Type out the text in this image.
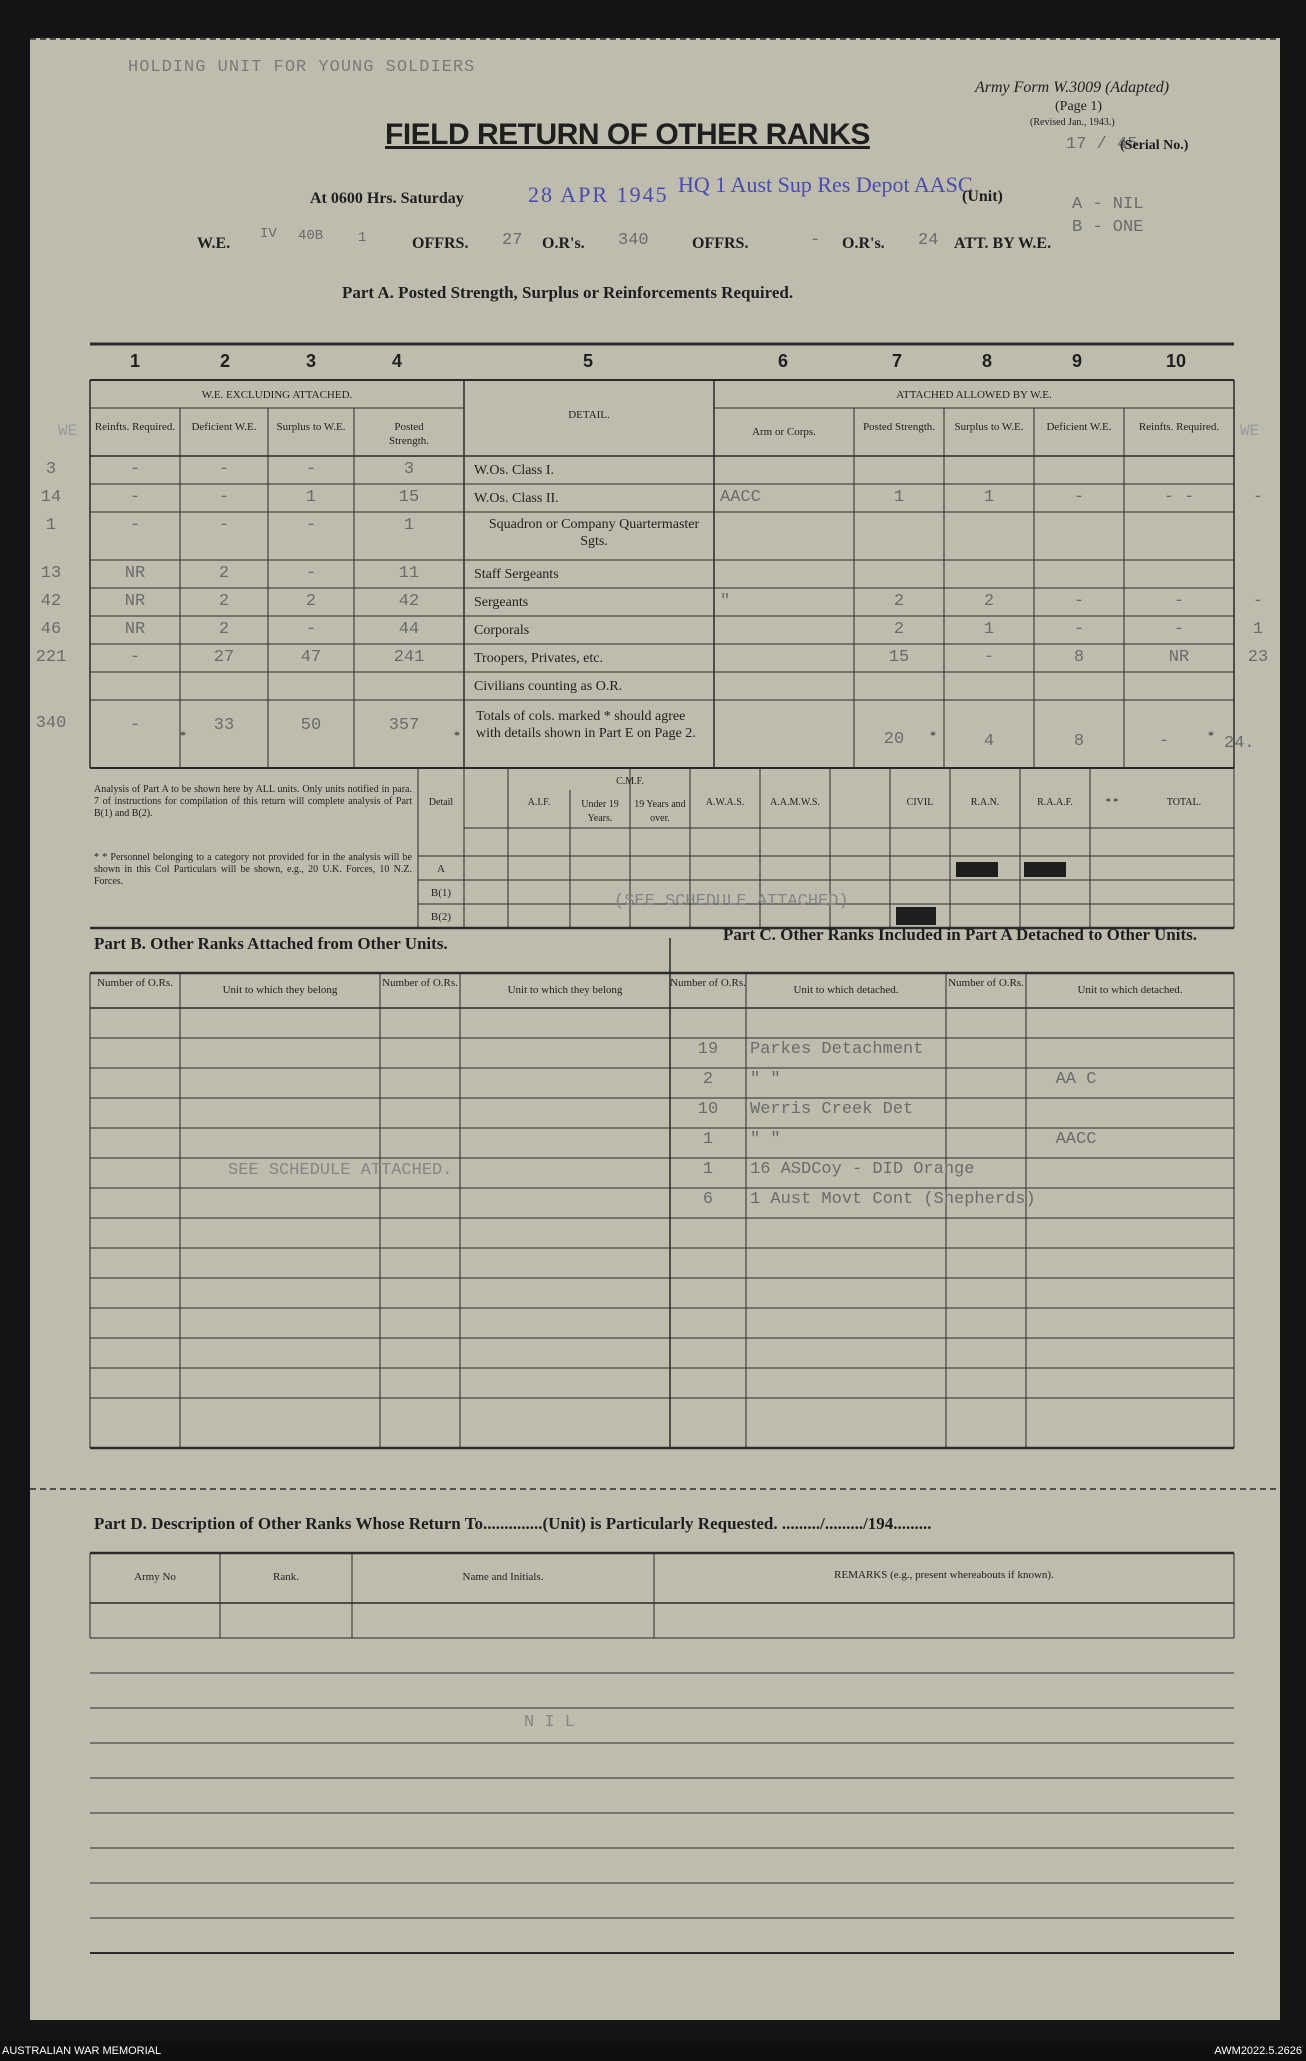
HOLDING UNIT FOR YOUNG SOLDIERS
Army Form W.3009 (Adapted)
(Page 1)
(Revised Jan., 1943.)
FIELD RETURN OF OTHER RANKS	17 / 45
(Serial No.)
At 0600 Hrs. Saturday	28 APR 1945 HQ 1 Aust Sup Res Depot AASC
(Unit)	A - NIL
B - ONE
W.E.
IV 40B 1	OFFRS. 27 O.R's. 340	OFFRS.	- O.R's. 24 ATT. BY W.E.
Part A. Posted Strength, Surplus or Reinforcements Required.
1	2	3	4	5	6	7	8	9	10
W.E. EXCLUDING ATTACHED.	ATTACHED ALLOWED BY W.E.
DETAIL.
Reinfts. Required.	Deficient W.E.	Surplus to W.E.	Posted Strength.
Arm or Corps.	Posted Strength.	Surplus to W.E.	Deficient W.E.	Reinfts. Required.
WE	WE
340	-	*	33	50	357	*
Totals of cols. marked * should agree with details shown in Part E on Page 2.	20	*	4	8	-	* 24.
Analysis of Part A to be shown here by ALL units. Only units notified in para. 7 of instructions for compilation of this return will complete analysis of Part B(1) and B(2).
* * Personnel belonging to a category not provided for in the analysis will be shown in this Col Particulars will be shown, e.g., 20 U.K. Forces, 10 N.Z. Forces.
Detail	A.I.F.
C.M.F.
Under 19 Years.
19 Years and over.
A.W.A.S.	A.A.M.W.S.	CIVIL	R.A.N.	R.A.A.F.	* *	TOTAL.
A
B(1)
B(2)
(SEE SCHEDULE ATTACHED)
Part B. Other Ranks Attached from Other Units.	Part C. Other Ranks Included in Part A Detached to Other Units.
Number of O.Rs.
Unit to which they belong
Number of O.Rs.
Unit to which they belong
Number of O.Rs.
Unit to which detached.
Number of O.Rs.
Unit to which detached.
SEE SCHEDULE ATTACHED.
Part D. Description of Other Ranks Whose Return To..............(Unit) is Particularly Requested. ........./........./194.........
Army No	Rank.	Name and Initials.	REMARKS (e.g., present whereabouts if known).
N I L
3	-	-	-	3	W.Os. Class I.
14	-	-	1	15	W.Os. Class II.	AACC	1	1	-	- -	-
1	-	-	-	1	Squadron or Company Quartermaster Sgts.
13	NR	2	-	11	Staff Sergeants
42	NR	2	2	42	Sergeants	"	2	2	-	-	-
46	NR	2	-	44	Corporals	2	1	-	-	1
221	-	27	47	241	Troopers, Privates, etc.	15	-	8	NR	23
Civilians counting as O.R.
19	Parkes Detachment
2	" "	AA C
10	Werris Creek Det
1	" "	AACC
1	16 ASDCoy - DID Orange
6	1 Aust Movt Cont (Shepherds)
AUSTRALIAN WAR MEMORIAL	AWM2022.5.2626
